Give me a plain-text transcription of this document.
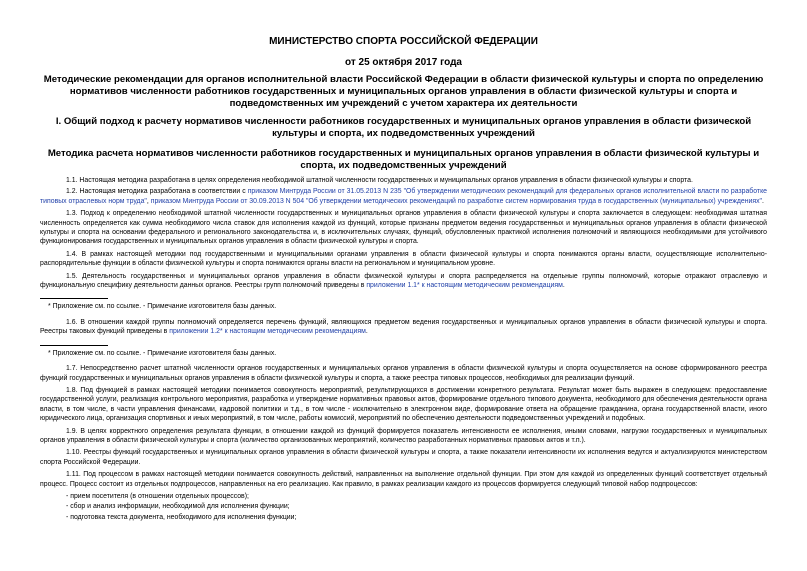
МИНИСТЕРСТВО СПОРТА РОССИЙСКОЙ ФЕДЕРАЦИИ
от 25 октября 2017 года
Методические рекомендации для органов исполнительной власти Российской Федерации в области физической культуры и спорта по определению нормативов численности работников государственных и муниципальных органов управления в области физической культуры и спорта и подведомственных им учреждений с учетом характера их деятельности
I. Общий подход к расчету нормативов численности работников государственных и муниципальных органов управления в области физической культуры и спорта, их подведомственных учреждений
Методика расчета нормативов численности работников государственных и муниципальных органов управления в области физической культуры и спорта, их подведомственных учреждений

1.1. Настоящая методика разработана в целях определения необходимой штатной численности государственных и муниципальных органов управления в области физической культуры и спорта.

1.2. Настоящая методика разработана в соответствии с приказом Минтруда России от 31.05.2013 N 235 "Об утверждении методических рекомендаций для федеральных органов исполнительной власти по разработке типовых отраслевых норм труда", приказом Минтруда России от 30.09.2013 N 504 "Об утверждении методических рекомендаций по разработке систем нормирования труда в государственных (муниципальных) учреждениях".

1.3. Подход к определению необходимой штатной численности государственных и муниципальных органов управления в области физической культуры и спорта заключается в следующем: необходимая штатная численность определяется как сумма необходимого числа ставок для исполнения каждой из функций, которые признаны предметом ведения государственных и муниципальных органов управления в области физической культуры и спорта на основании федерального и регионального законодательства и, в исключительных случаях, функций, обусловленных практикой исполнения полномочий и являющихся необходимыми для устойчивого функционирования государственных и муниципальных органов управления в области физической культуры и спорта.

1.4. В рамках настоящей методики под государственными и муниципальными органами управления в области физической культуры и спорта понимаются органы власти, осуществляющие исполнительно-распорядительные функции в области физической культуры и спорта понимаются органы власти на региональном и муниципальном уровне.

1.5. Деятельность государственных и муниципальных органов управления в области физической культуры и спорта распределяется на отдельные группы полномочий, которые отражают отраслевую и функциональную специфику деятельности данных органов. Реестры групп полномочий приведены в приложении 1.1* к настоящим методическим рекомендациям.

* Приложение см. по ссылке. - Примечание изготовителя базы данных.

1.6. В отношении каждой группы полномочий определяется перечень функций, являющихся предметом ведения государственных и муниципальных органов управления в области физической культуры и спорта. Реестры таковых функций приведены в приложении 1.2* к настоящим методическим рекомендациям.

* Приложение см. по ссылке. - Примечание изготовителя базы данных.

1.7. Непосредственно расчет штатной численности органов государственных и муниципальных органов управления в области физической культуры и спорта осуществляется на основе сформированного реестра функций государственных и муниципальных органов управления в области физической культуры и спорта, а также реестра типовых процессов, необходимых для реализации функций.

1.8. Под функцией в рамках настоящей методики понимается совокупность мероприятий, результирующихся в достижении конкретного результата. Результат может быть выражен в следующем: предоставление государственной услуги, реализация контрольного мероприятия, разработка и утверждение нормативных правовых актов, формирование отдельного типового документа, необходимого для обеспечения деятельности органа власти, в том числе, в части управления финансами, кадровой политики и т.д., в том числе - исключительно в электронном виде, формирование ответа на обращение гражданина, органа государственной власти, иного юридического лица, организация спортивных и иных мероприятий, в том числе, работы комиссий, мероприятий по обеспечению деятельности подведомственных учреждений и подобных.

1.9. В целях корректного определения результата функции, в отношении каждой из функций формируется показатель интенсивности ее исполнения, иными словами, нагрузки государственных и муниципальных органов управления в области физической культуры и спорта (количество организованных мероприятий, количество разработанных нормативных правовых актов и т.п.).

1.10. Реестры функций государственных и муниципальных органов управления в области физической культуры и спорта, а также показатели интенсивности их исполнения ведутся и актуализируются министерством спорта Российской Федерации.

1.11. Под процессом в рамках настоящей методики понимается совокупность действий, направленных на выполнение отдельной функции. При этом для каждой из определенных функций соответствует отдельный процесс. Процесс состоит из отдельных подпроцессов, направленных на его реализацию. Как правило, в рамках реализации каждого из процессов формируется следующий типовой набор подпроцессов:

- прием посетителя (в отношении отдельных процессов);

- сбор и анализ информации, необходимой для исполнения функции;

- подготовка текста документа, необходимого для исполнения функции;
